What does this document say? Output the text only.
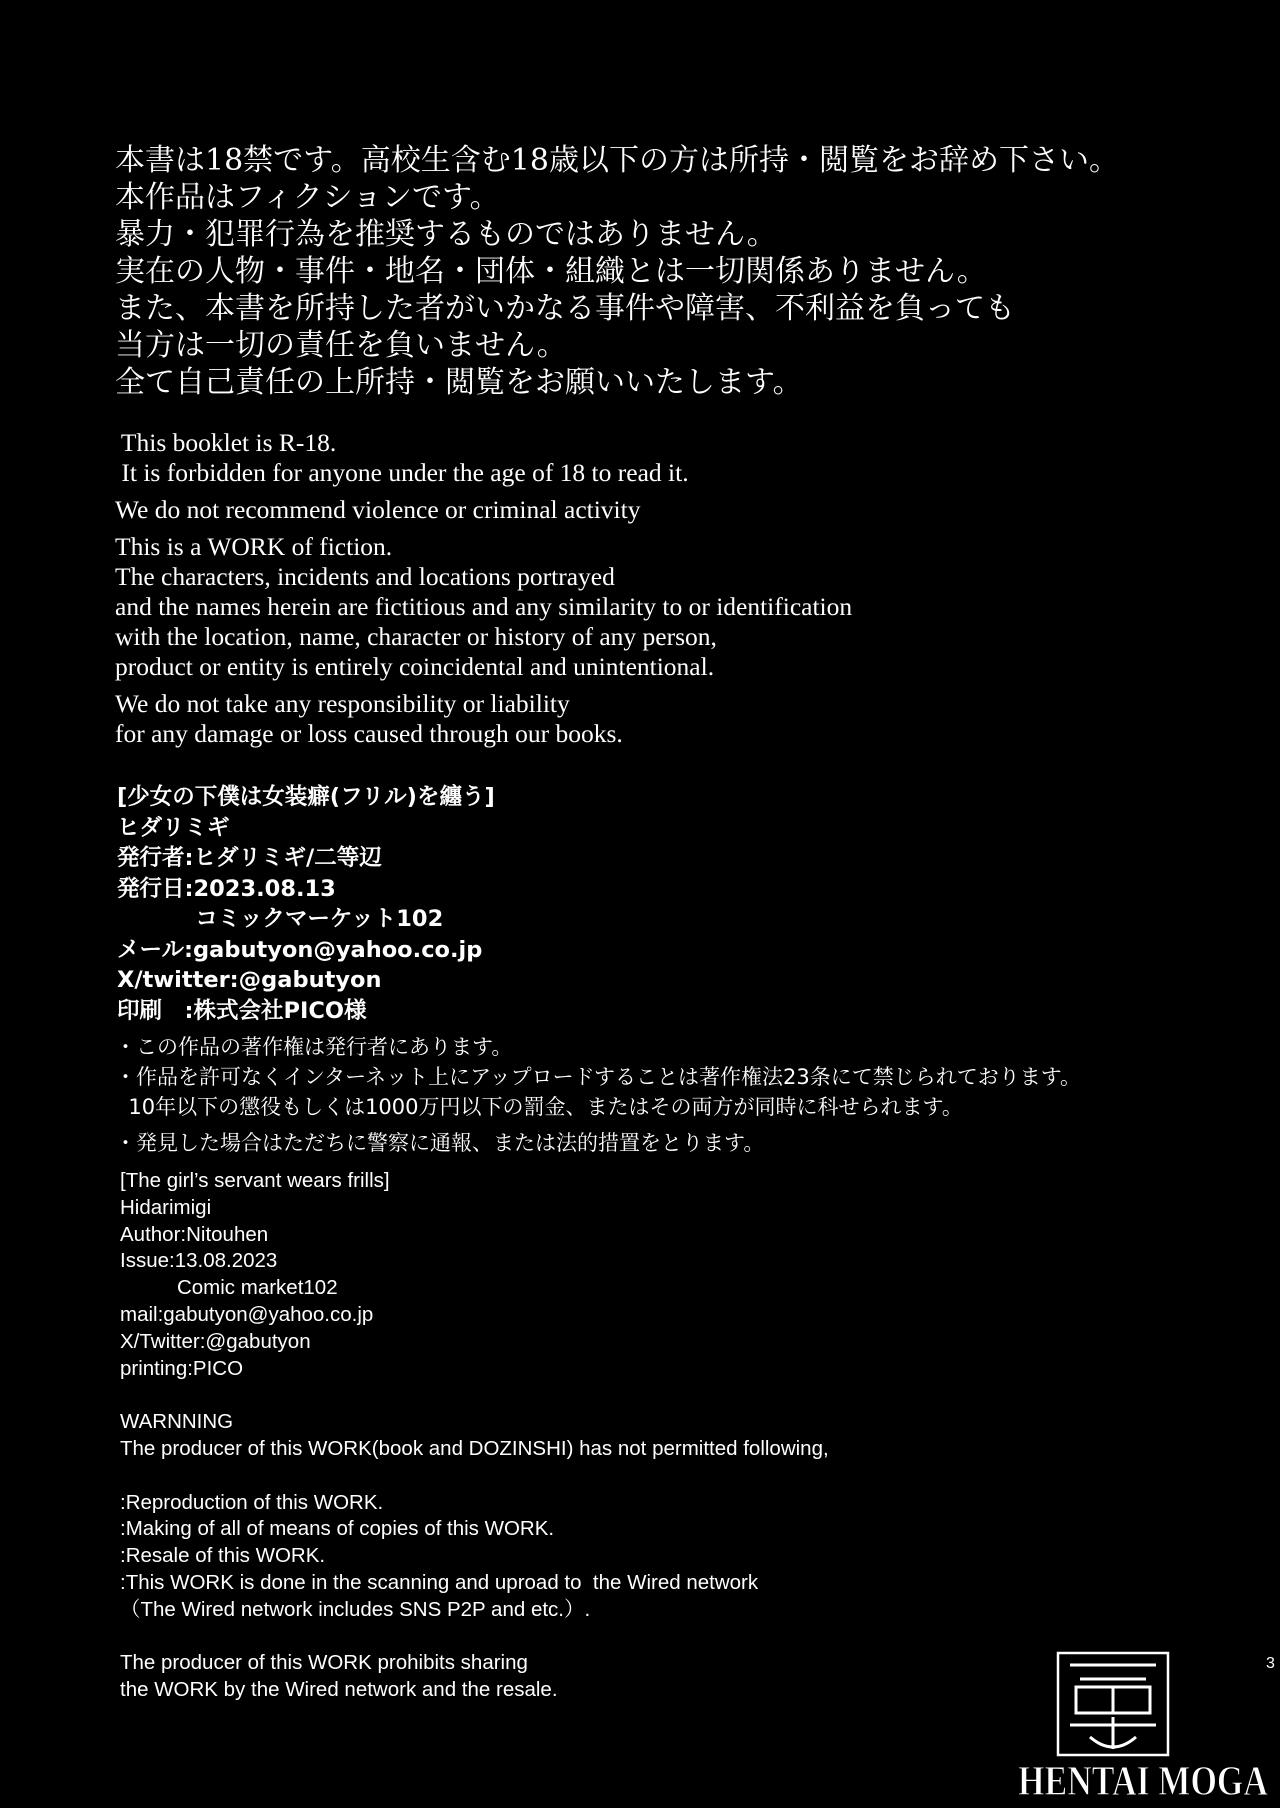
本書は18禁です。高校生含む18歳以下の方は所持・閲覧をお辞め下さい。
本作品はフィクションです。
暴力・犯罪行為を推奨するものではありません。
実在の人物・事件・地名・団体・組織とは一切関係ありません。
また、本書を所持した者がいかなる事件や障害、不利益を負っても
当方は一切の責任を負いません。
全て自己責任の上所持・閲覧をお願いいたします。
This booklet is R-18.
It is forbidden for anyone under the age of 18 to read it.
We do not recommend violence or criminal activity
This is a WORK of fiction.
The characters, incidents and locations portrayed
and the names herein are fictitious and any similarity to or identification
with the location, name, character or history of any person,
product or entity is entirely coincidental and unintentional.
We do not take any responsibility or liability
for any damage or loss caused through our books.
[少女の下僕は女装癖(フリル)を纏う]
ヒダリミギ
発行者:ヒダリミギ/二等辺
発行日:2023.08.13
コミックマーケット102
メール:gabutyon@yahoo.co.jp
X/twitter:@gabutyon
印刷　:株式会社PICO様
・この作品の著作権は発行者にあります。
・作品を許可なくインターネット上にアップロードすることは著作権法23条にて禁じられております。
10年以下の懲役もしくは1000万円以下の罰金、またはその両方が同時に科せられます。
・発見した場合はただちに警察に通報、または法的措置をとります。
[The girl’s servant wears frills]
Hidarimigi
Author:Nitouhen
Issue:13.08.2023
Comic market102
mail:gabutyon@yahoo.co.jp
X/Twitter:@gabutyon
printing:PICO
WARNNING
The producer of this WORK(book and DOZINSHI) has not permitted following,
:Reproduction of this WORK.
:Making of all of means of copies of this WORK.
:Resale of this WORK.
:This WORK is done in the scanning and uproad to  the Wired network
（The Wired network includes SNS P2P and etc.）.
The producer of this WORK prohibits sharing
the WORK by the Wired network and the resale.
3
HENTAI MOGA
